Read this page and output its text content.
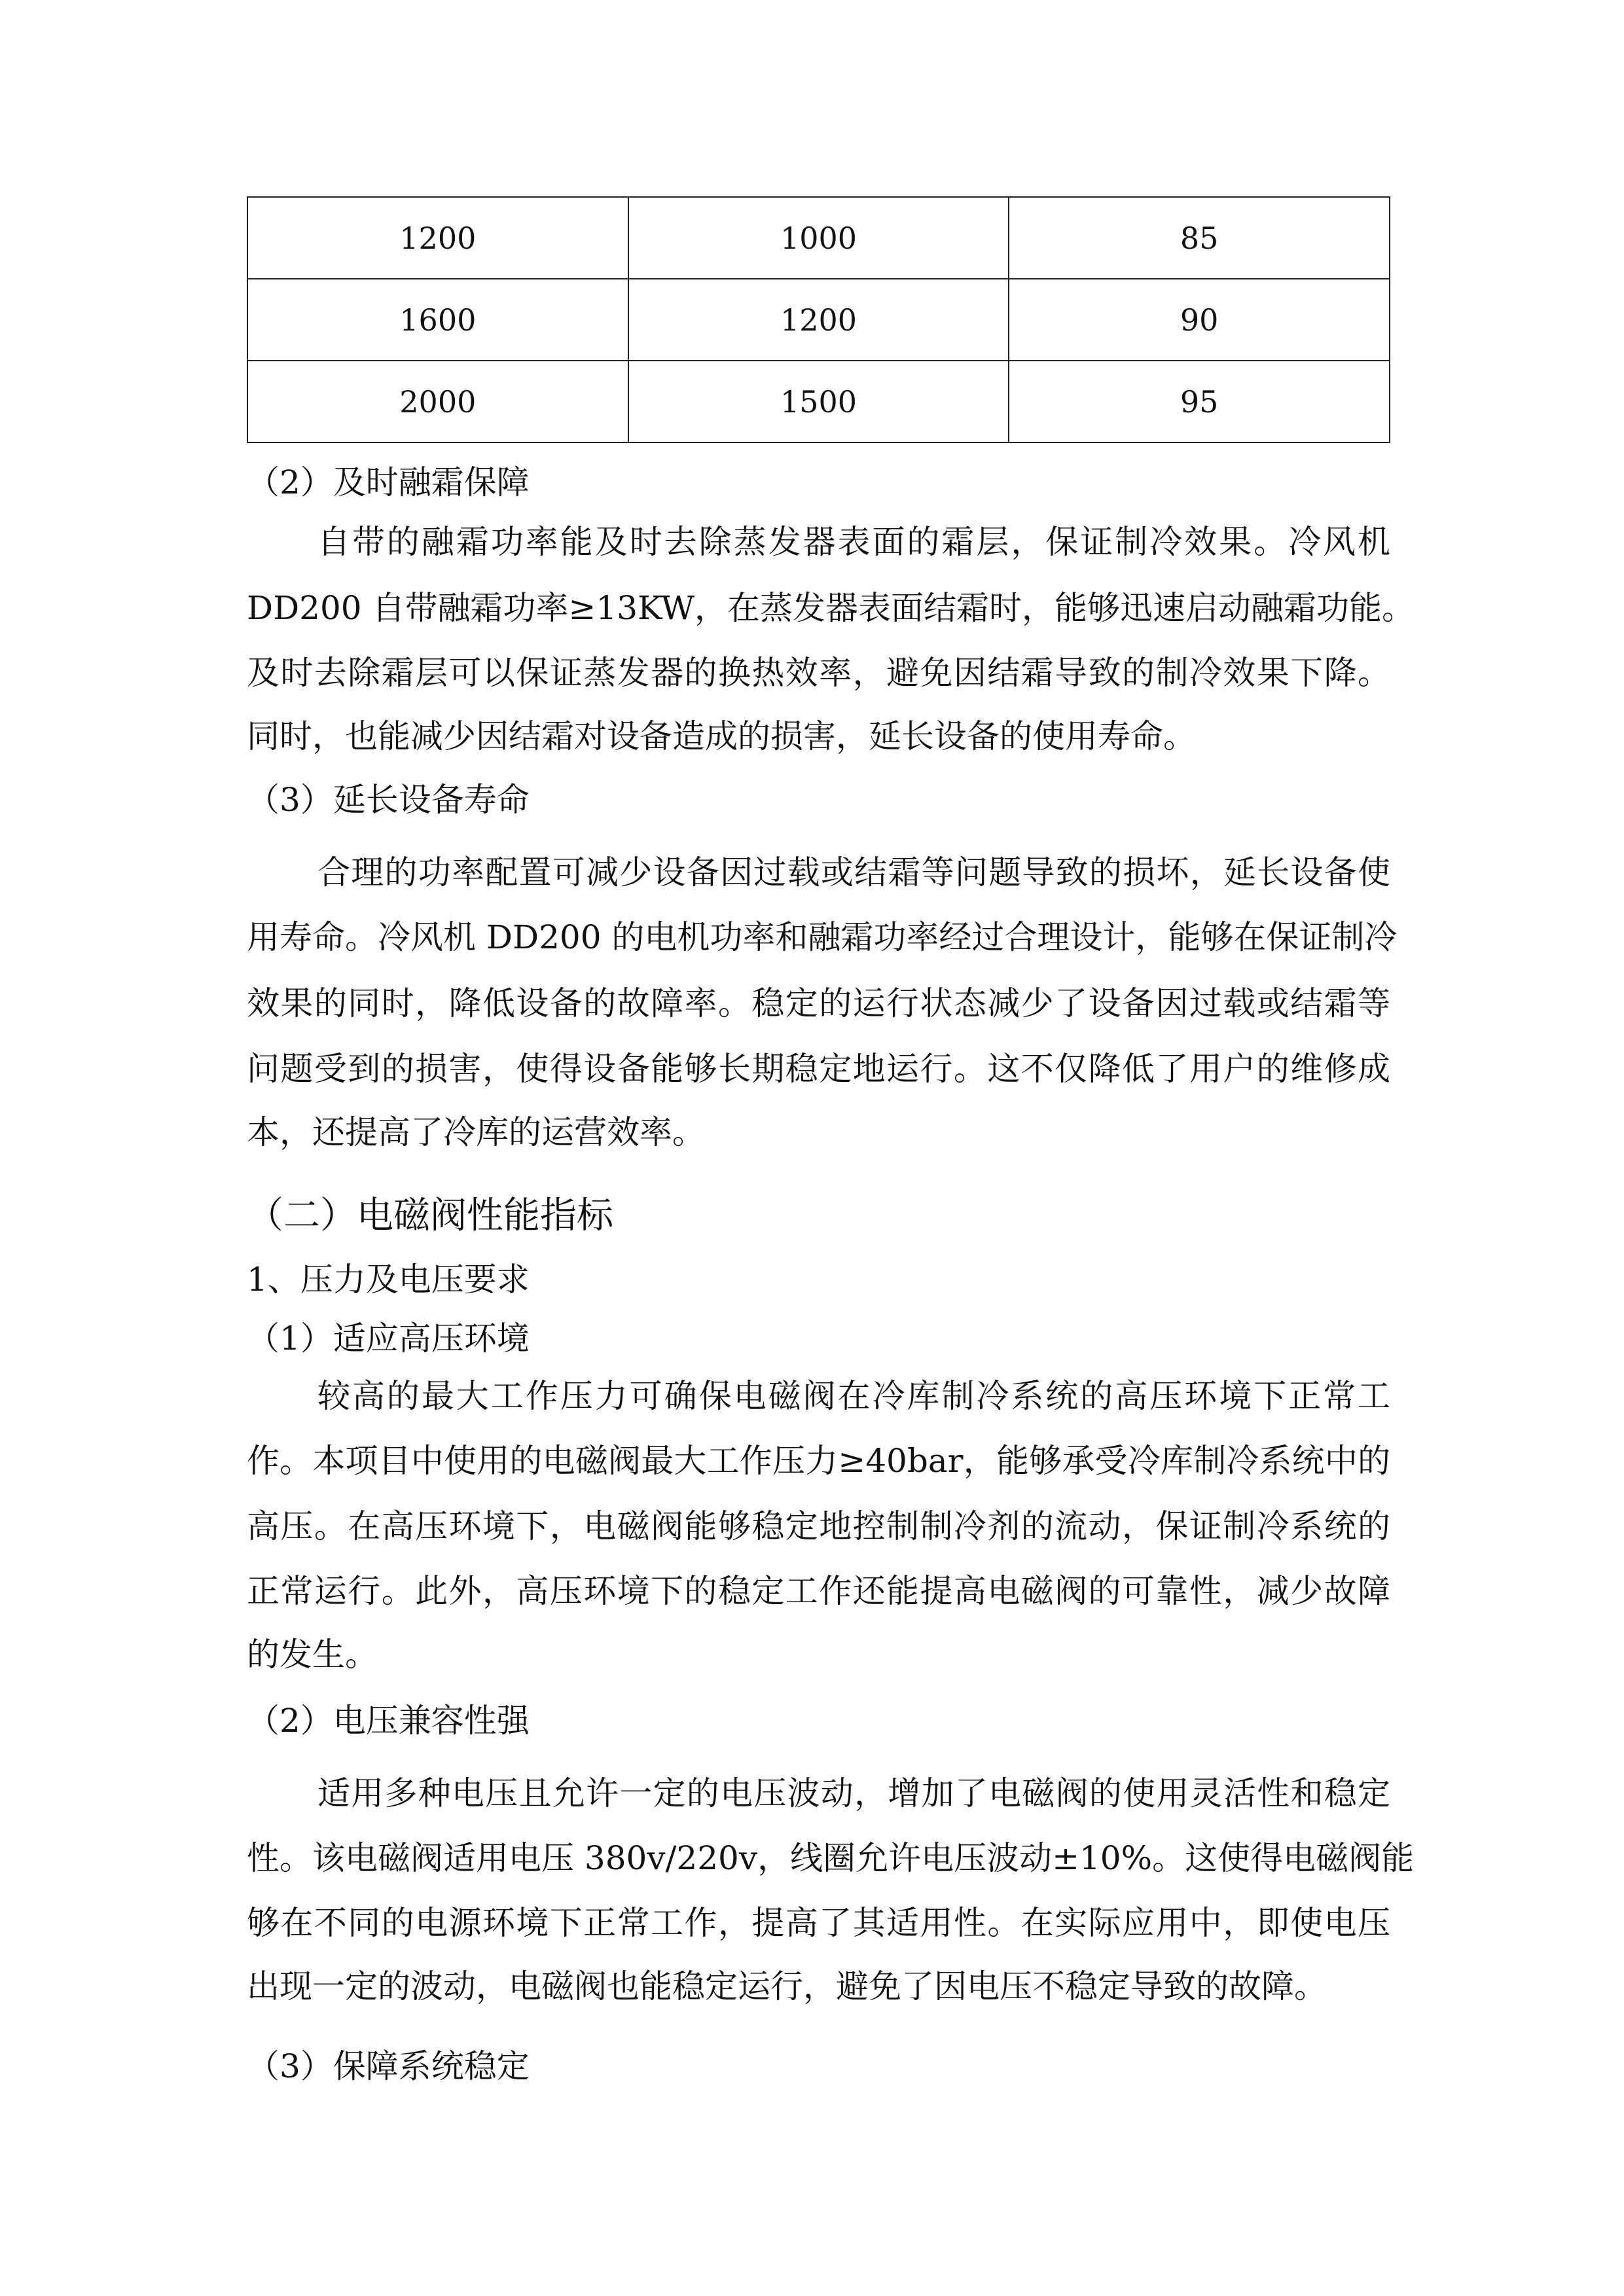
1200	1000	85
1600	1200	90
2000	1500	95
（2）及时融霜保障
自带的融霜功率能及时去除蒸发器表面的霜层，保证制冷效果。冷风机
DD200 自带融霜功率≥13KW，在蒸发器表面结霜时，能够迅速启动融霜功能。
及时去除霜层可以保证蒸发器的换热效率，避免因结霜导致的制冷效果下降。
同时，也能减少因结霜对设备造成的损害，延长设备的使用寿命。
（3）延长设备寿命
合理的功率配置可减少设备因过载或结霜等问题导致的损坏，延长设备使
用寿命。冷风机 DD200 的电机功率和融霜功率经过合理设计，能够在保证制冷
效果的同时，降低设备的故障率。稳定的运行状态减少了设备因过载或结霜等
问题受到的损害，使得设备能够长期稳定地运行。这不仅降低了用户的维修成
本，还提高了冷库的运营效率。
（二）电磁阀性能指标
1、压力及电压要求
（1）适应高压环境
较高的最大工作压力可确保电磁阀在冷库制冷系统的高压环境下正常工
作。本项目中使用的电磁阀最大工作压力≥40bar，能够承受冷库制冷系统中的
高压。在高压环境下，电磁阀能够稳定地控制制冷剂的流动，保证制冷系统的
正常运行。此外，高压环境下的稳定工作还能提高电磁阀的可靠性，减少故障
的发生。
（2）电压兼容性强
适用多种电压且允许一定的电压波动，增加了电磁阀的使用灵活性和稳定
性。该电磁阀适用电压 380v/220v，线圈允许电压波动±10%。这使得电磁阀能
够在不同的电源环境下正常工作，提高了其适用性。在实际应用中，即使电压
出现一定的波动，电磁阀也能稳定运行，避免了因电压不稳定导致的故障。
（3）保障系统稳定
